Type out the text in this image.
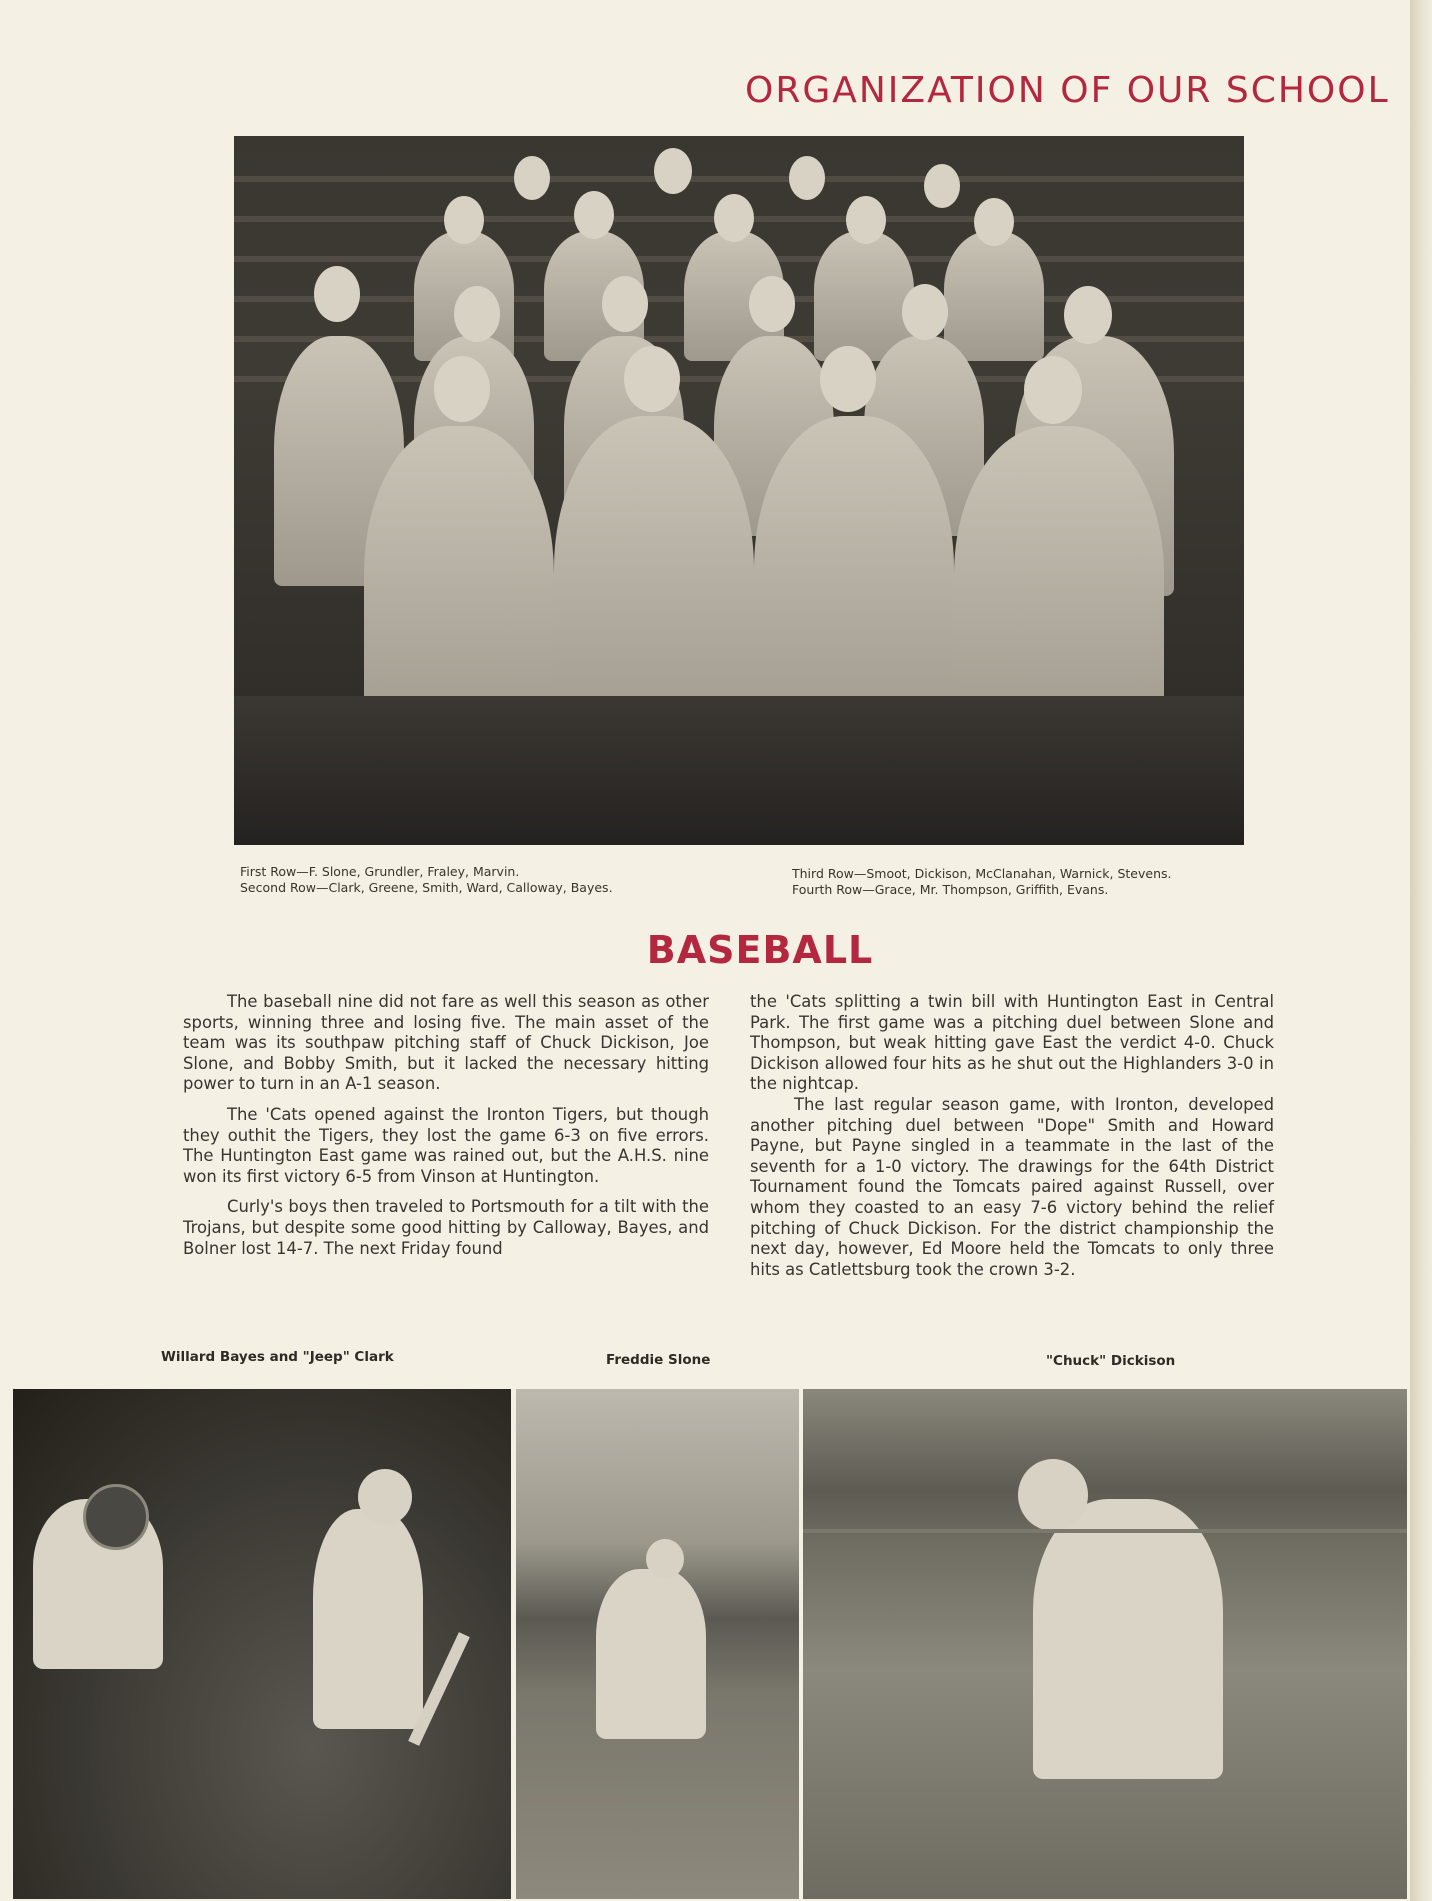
ORGANIZATION OF OUR SCHOOL
First Row—F. Slone, Grundler, Fraley, Marvin.
Second Row—Clark, Greene, Smith, Ward, Calloway, Bayes.
Third Row—Smoot, Dickison, McClanahan, Warnick, Stevens.
Fourth Row—Grace, Mr. Thompson, Griffith, Evans.
BASEBALL

The baseball nine did not fare as well this season as other sports, winning three and losing five. The main asset of the team was its southpaw pitching staff of Chuck Dickison, Joe Slone, and Bobby Smith, but it lacked the necessary hitting power to turn in an A-1 season.

The 'Cats opened against the Ironton Tigers, but though they outhit the Tigers, they lost the game 6-3 on five errors. The Huntington East game was rained out, but the A.H.S. nine won its first victory 6-5 from Vinson at Huntington.

Curly's boys then traveled to Portsmouth for a tilt with the Trojans, but despite some good hitting by Calloway, Bayes, and Bolner lost 14-7. The next Friday found

the 'Cats splitting a twin bill with Huntington East in Central Park. The first game was a pitching duel between Slone and Thompson, but weak hitting gave East the verdict 4-0. Chuck Dickison allowed four hits as he shut out the Highlanders 3-0 in the nightcap.

The last regular season game, with Ironton, developed another pitching duel between "Dope" Smith and Howard Payne, but Payne singled in a teammate in the last of the seventh for a 1-0 victory. The drawings for the 64th District Tournament found the Tomcats paired against Russell, over whom they coasted to an easy 7-6 victory behind the relief pitching of Chuck Dickison. For the district championship the next day, however, Ed Moore held the Tomcats to only three hits as Catlettsburg took the crown 3-2.

Willard Bayes and "Jeep" Clark	Freddie Slone	"Chuck" Dickison
